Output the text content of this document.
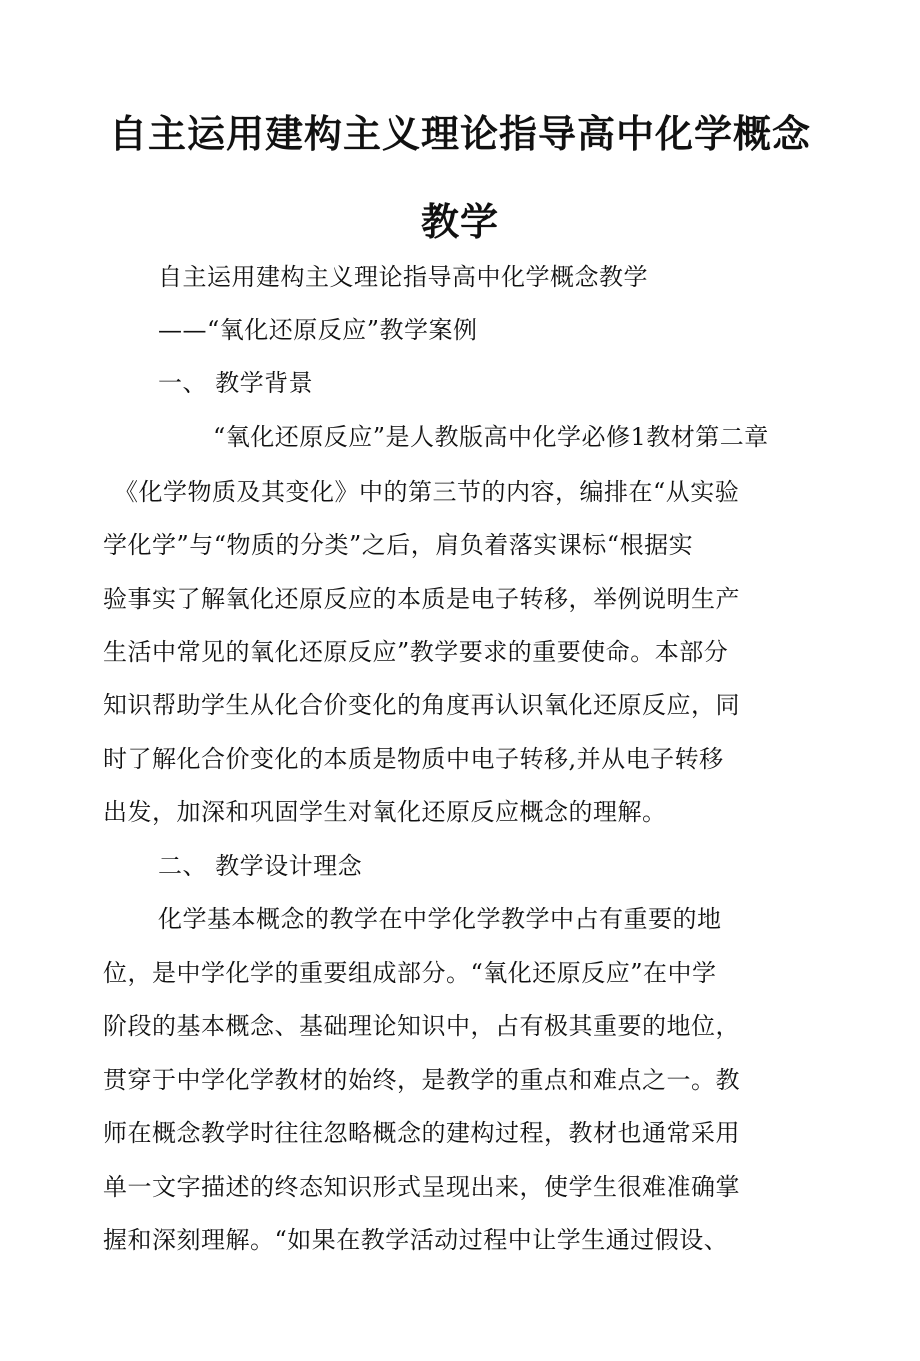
自主运用建构主义理论指导高中化学概念
教学
自主运用建构主义理论指导高中化学概念教学
——“氧化还原反应”教学案例
一、 教学背景
“氧化还原反应”是人教版高中化学必修1教材第二章
《化学物质及其变化》中的第三节的内容，编排在“从实验
学化学”与“物质的分类”之后，肩负着落实课标“根据实
验事实了解氧化还原反应的本质是电子转移，举例说明生产
生活中常见的氧化还原反应”教学要求的重要使命。本部分
知识帮助学生从化合价变化的角度再认识氧化还原反应，同
时了解化合价变化的本质是物质中电子转移,并从电子转移
出发，加深和巩固学生对氧化还原反应概念的理解。
二、 教学设计理念
化学基本概念的教学在中学化学教学中占有重要的地
位，是中学化学的重要组成部分。“氧化还原反应”在中学
阶段的基本概念、基础理论知识中，占有极其重要的地位，
贯穿于中学化学教材的始终，是教学的重点和难点之一。教
师在概念教学时往往忽略概念的建构过程，教材也通常采用
单一文字描述的终态知识形式呈现出来，使学生很难准确掌
握和深刻理解。“如果在教学活动过程中让学生通过假设、
